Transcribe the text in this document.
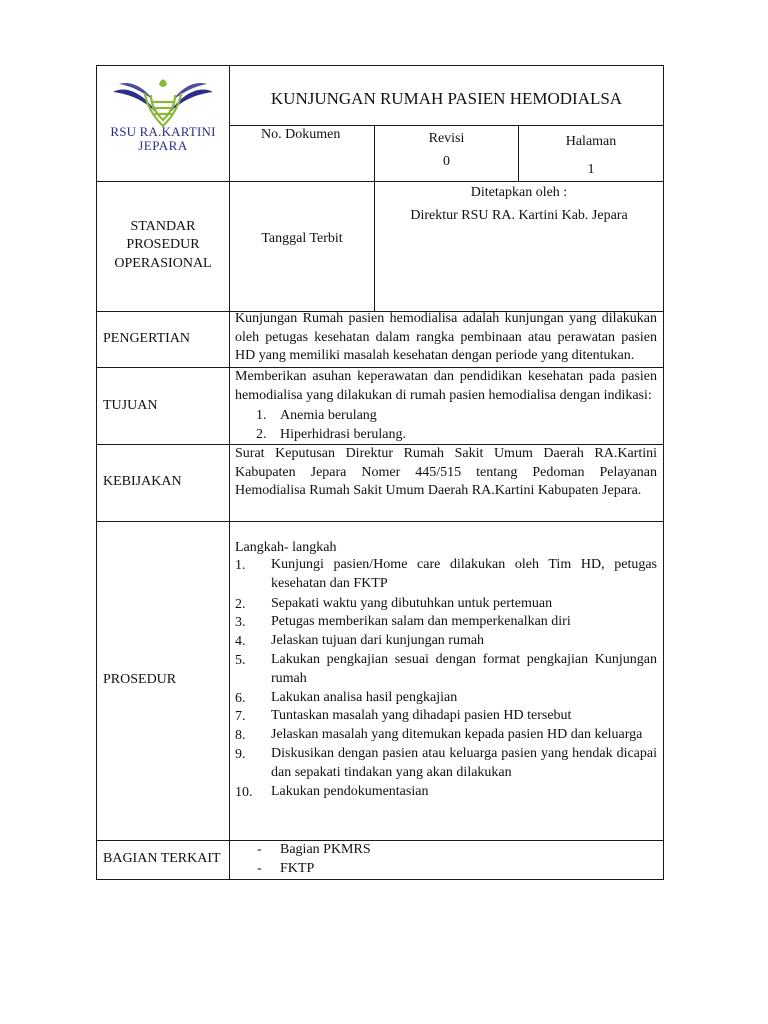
RSU RA.KARTINI
JEPARA
KUNJUNGAN RUMAH PASIEN HEMODIALSA
No. Dokumen	Revisi
0
Halaman
1
STANDAR
PROSEDUR
OPERASIONAL
Tanggal Terbit
Ditetapkan oleh :
Direktur RSU RA. Kartini Kab. Jepara
PENGERTIAN
Kunjungan Rumah pasien hemodialisa adalah kunjungan yang dilakukan oleh petugas kesehatan dalam rangka pembinaan atau perawatan pasien HD yang memiliki masalah kesehatan dengan periode yang ditentukan.
TUJUAN
Memberikan asuhan keperawatan dan pendidikan kesehatan pada pasien hemodialisa yang dilakukan di rumah pasien hemodialisa dengan indikasi:
1. Anemia berulang
2. Hiperhidrasi berulang.
KEBIJAKAN
Surat Keputusan Direktur Rumah Sakit Umum Daerah RA.Kartini Kabupaten Jepara Nomer 445/515 tentang Pedoman Pelayanan Hemodialisa Rumah Sakit Umum Daerah RA.Kartini Kabupaten Jepara.
PROSEDUR
Langkah- langkah
1. Kunjungi pasien/Home care dilakukan oleh Tim HD, petugas kesehatan dan FKTP
2. Sepakati waktu yang dibutuhkan untuk pertemuan
3. Petugas memberikan salam dan memperkenalkan diri
4. Jelaskan tujuan dari kunjungan rumah
5. Lakukan pengkajian sesuai dengan format pengkajian Kunjungan rumah
6. Lakukan analisa hasil pengkajian
7. Tuntaskan masalah yang dihadapi pasien HD tersebut
8. Jelaskan masalah yang ditemukan kepada pasien HD dan keluarga
9. Diskusikan dengan pasien atau keluarga pasien yang hendak dicapai dan sepakati tindakan yang akan dilakukan
10. Lakukan pendokumentasian
BAGIAN TERKAIT
- Bagian PKMRS
- FKTP
